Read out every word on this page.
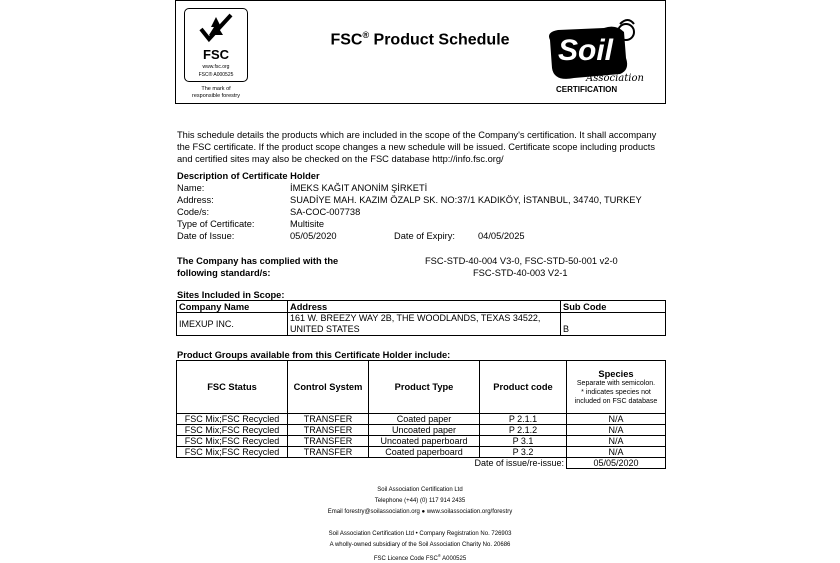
FSC
www.fsc.org
FSC® A000525
The mark of
responsible forestry
FSC® Product Schedule	Soil
Association
CERTIFICATION
This schedule details the products which are included in the scope of the Company's certification. It shall accompany the FSC certificate. If the product scope changes a new schedule will be issued. Certificate scope including products and certified sites may also be checked on the FSC database http://info.fsc.org/
Description of Certificate Holder
Name:	İMEKS KAĞIT ANONİM ŞİRKETİ
Address:	SUADİYE MAH. KAZIM ÖZALP SK. NO:37/1 KADIKÖY, İSTANBUL, 34740, TURKEY
Code/s:	SA-COC-007738
Type of Certificate:	Multisite
Date of Issue:	05/05/2020	Date of Expiry: 04/05/2025
The Company has complied with the
following standard/s:
FSC-STD-40-004 V3-0, FSC-STD-50-001 v2-0
FSC-STD-40-003 V2-1
Sites Included in Scope:
Company Name	Address	Sub Code
IMEXUP INC.	161 W. BREEZY WAY 2B, THE WOODLANDS, TEXAS 34522,
UNITED STATES	B
Product Groups available from this Certificate Holder include:
FSC Status	Control System	Product Type	Product code	Species
Separate with semicolon.
* indicates species not
included on FSC database

FSC Mix;FSC Recycled	TRANSFER	Coated paper	P 2.1.1	N/A
FSC Mix;FSC Recycled	TRANSFER	Uncoated paper	P 2.1.2	N/A
FSC Mix;FSC Recycled	TRANSFER	Uncoated paperboard	P 3.1	N/A
FSC Mix;FSC Recycled	TRANSFER	Coated paperboard	P 3.2	N/A
Date of issue/re-issue:				05/05/2020
Soil Association Certification Ltd
Telephone (+44) (0) 117 914 2435
Email forestry@soilassociation.org ● www.soilassociation.org/forestry
Soil Association Certification Ltd • Company Registration No. 726903
A wholly-owned subsidiary of the Soil Association Charity No. 20686
FSC Licence Code FSC® A000525
